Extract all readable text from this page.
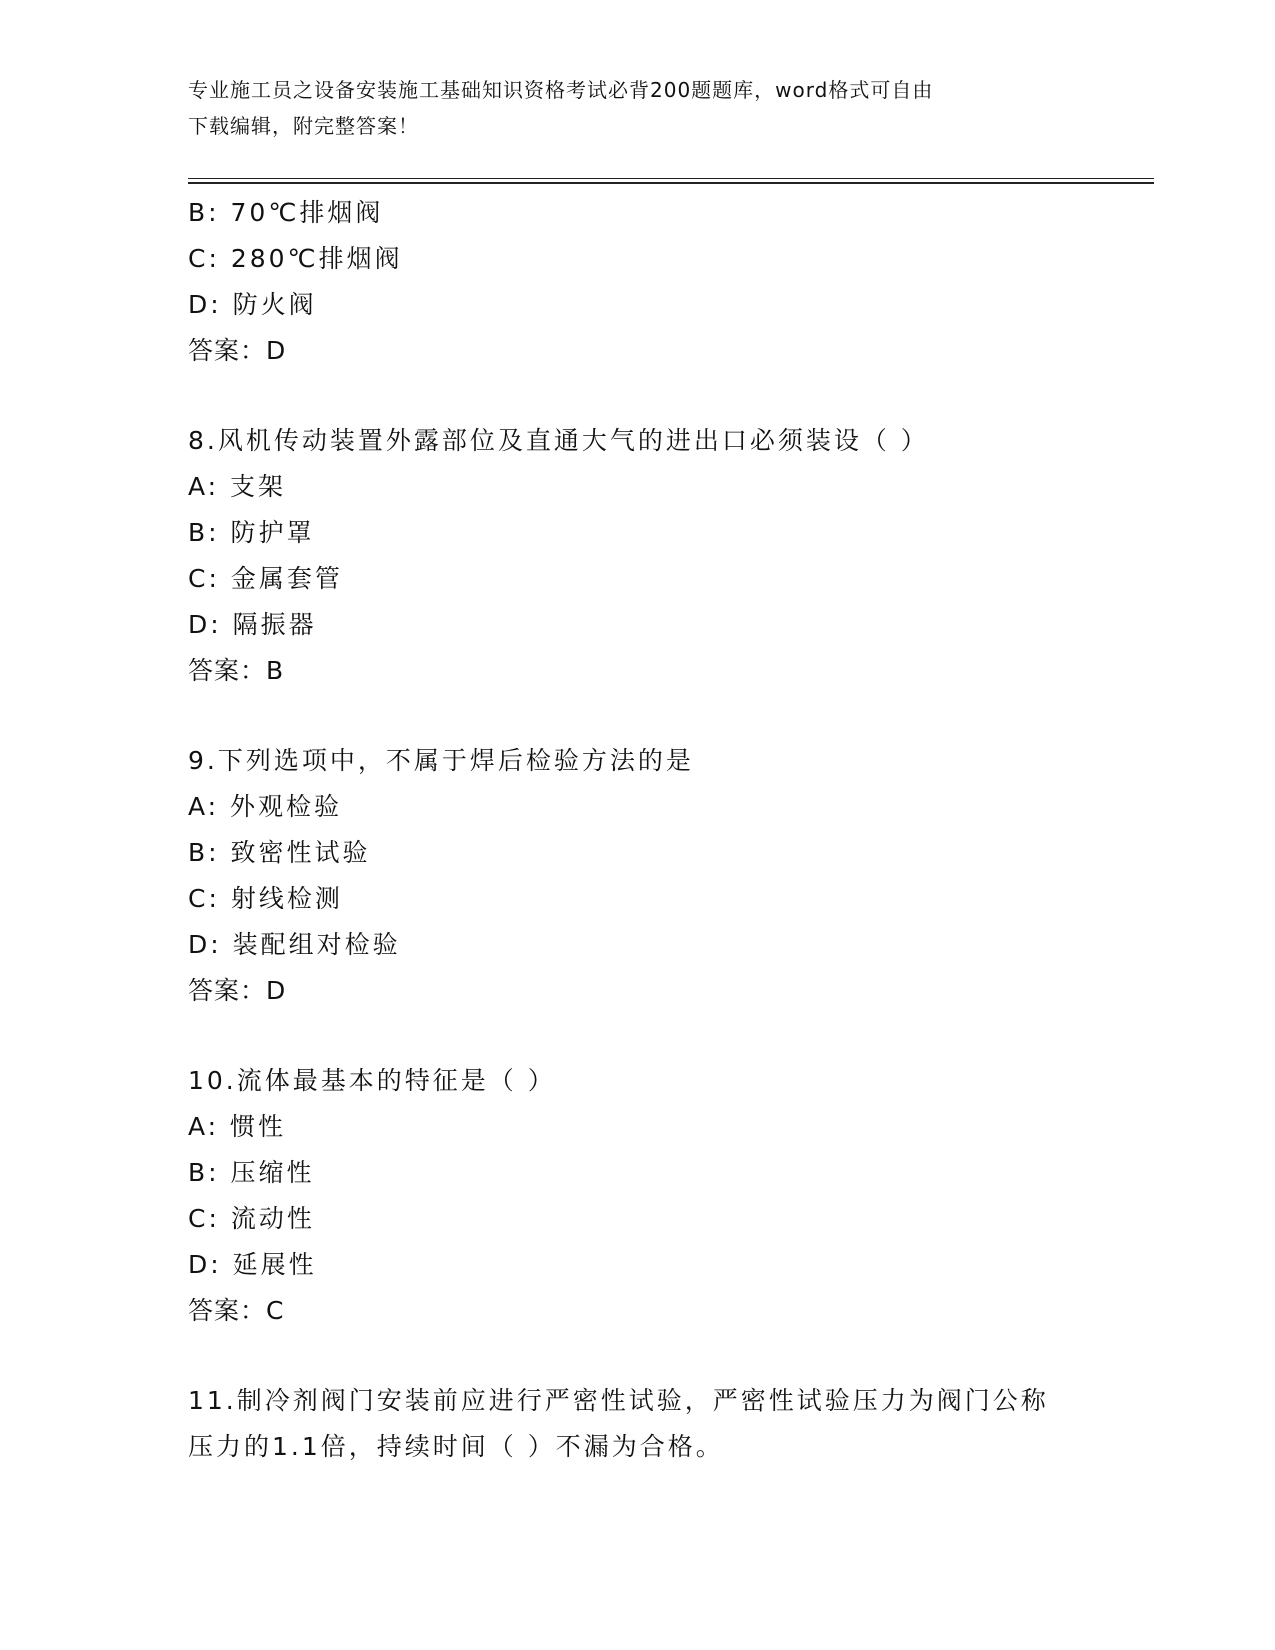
专业施工员之设备安装施工基础知识资格考试必背200题题库，word格式可自由
下载编辑，附完整答案！
B: 70℃排烟阀
C: 280℃排烟阀
D: 防火阀
答案：D
8.风机传动装置外露部位及直通大气的进出口必须装设（ ）
A: 支架
B: 防护罩
C: 金属套管
D: 隔振器
答案：B
9.下列选项中，不属于焊后检验方法的是
A: 外观检验
B: 致密性试验
C: 射线检测
D: 装配组对检验
答案：D
10.流体最基本的特征是（ ）
A: 惯性
B: 压缩性
C: 流动性
D: 延展性
答案：C
11.制冷剂阀门安装前应进行严密性试验，严密性试验压力为阀门公称
压力的1.1倍，持续时间（ ）不漏为合格。
